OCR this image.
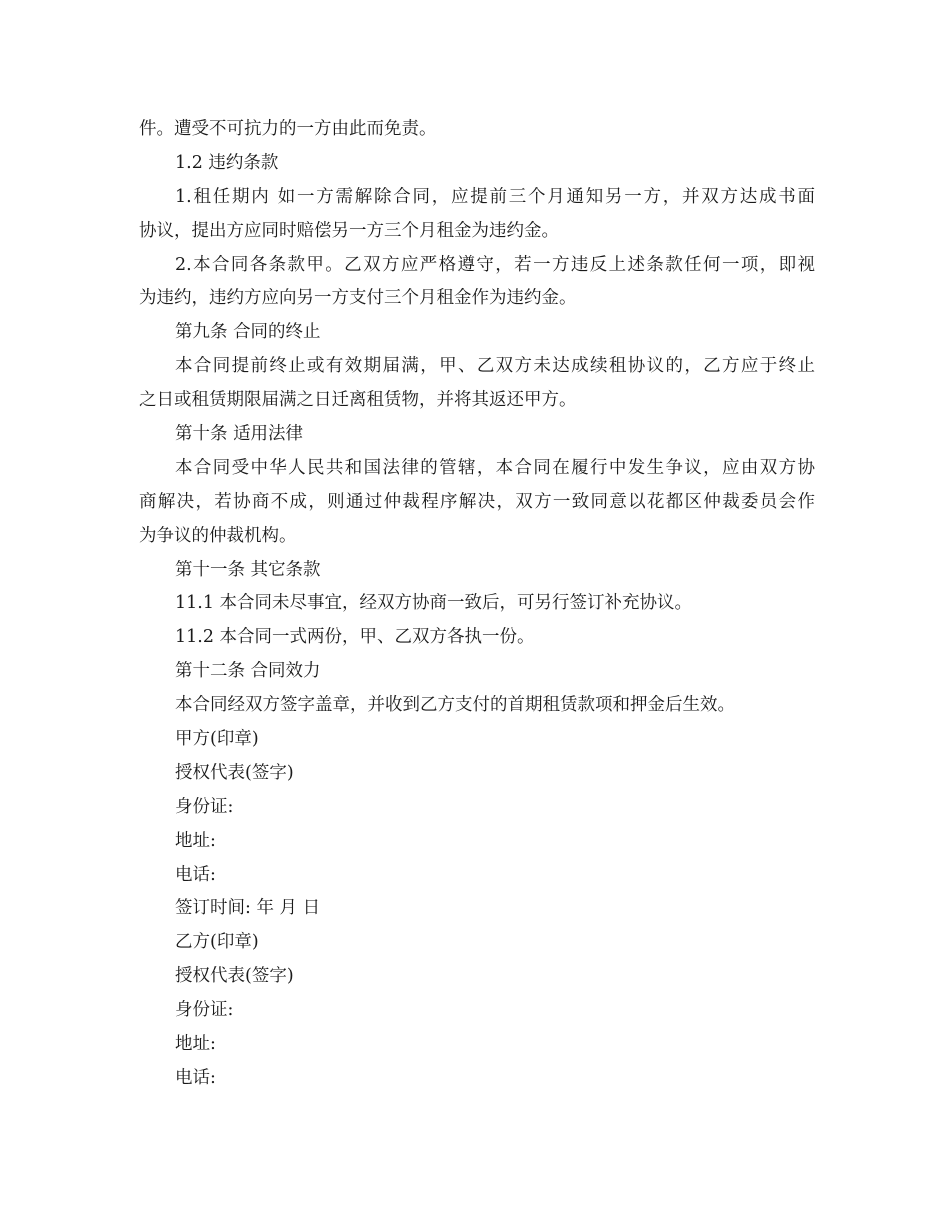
件。遭受不可抗力的一方由此而免责。
1.2 违约条款
1.租任期内 如一方需解除合同，应提前三个月通知另一方，并双方达成书面
协议，提出方应同时赔偿另一方三个月租金为违约金。
2.本合同各条款甲。乙双方应严格遵守，若一方违反上述条款任何一项，即视
为违约，违约方应向另一方支付三个月租金作为违约金。
第九条 合同的终止
本合同提前终止或有效期届满，甲、乙双方未达成续租协议的，乙方应于终止
之日或租赁期限届满之日迁离租赁物，并将其返还甲方。
第十条 适用法律
本合同受中华人民共和国法律的管辖，本合同在履行中发生争议，应由双方协
商解决，若协商不成，则通过仲裁程序解决，双方一致同意以花都区仲裁委员会作
为争议的仲裁机构。
第十一条 其它条款
11.1 本合同未尽事宜，经双方协商一致后，可另行签订补充协议。
11.2 本合同一式两份，甲、乙双方各执一份。
第十二条 合同效力
本合同经双方签字盖章，并收到乙方支付的首期租赁款项和押金后生效。
甲方(印章)
授权代表(签字)
身份证:
地址:
电话:
签订时间: 年 月 日
乙方(印章)
授权代表(签字)
身份证:
地址:
电话:
